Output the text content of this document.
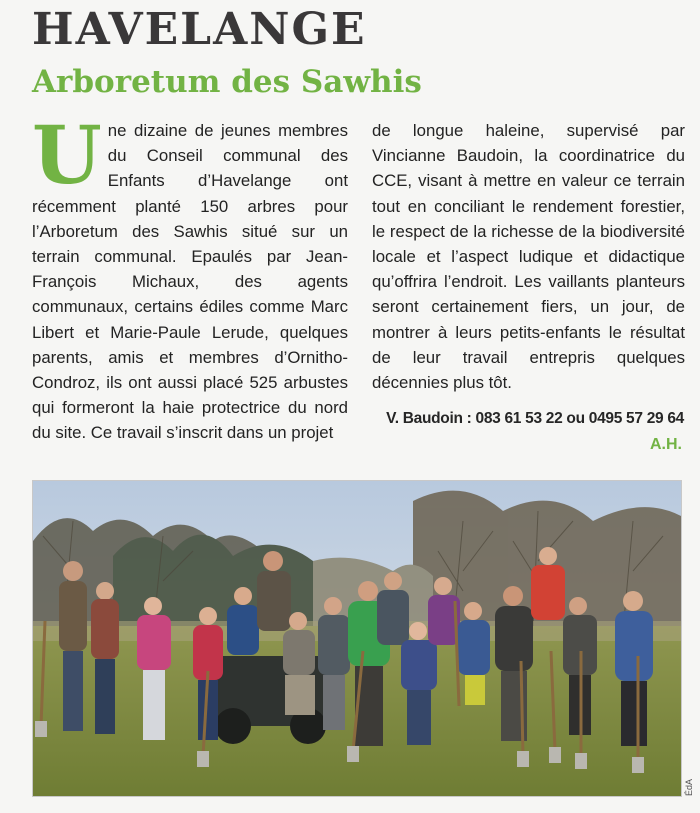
HAVELANGE
Arboretum des Sawhis
U ne dizaine de jeunes membres du Conseil communal des Enfants d’Havelange ont récemment planté 150 arbres pour l’Arboretum des Sawhis situé sur un terrain communal. Epaulés par Jean-François Michaux, des agents communaux, certains édiles comme Marc Libert et Marie-Paule Lerude, quelques parents, amis et membres d’Ornitho-Condroz, ils ont aussi placé 525 arbustes qui formeront la haie protectrice du nord du site. Ce travail s’inscrit dans un projet
de longue haleine, supervisé par Vincianne Baudoin, la coordinatrice du CCE, visant à mettre en valeur ce terrain tout en conciliant le rendement forestier, le respect de la richesse de la biodiversité locale et l’aspect ludique et didactique qu’offrira l’endroit. Les vaillants planteurs seront certainement fiers, un jour, de montrer à leurs petits-enfants le résultat de leur travail entrepris quelques décennies plus tôt.
V. Baudoin : 083 61 53 22 ou 0495 57 29 64
A.H.
ÉdA
